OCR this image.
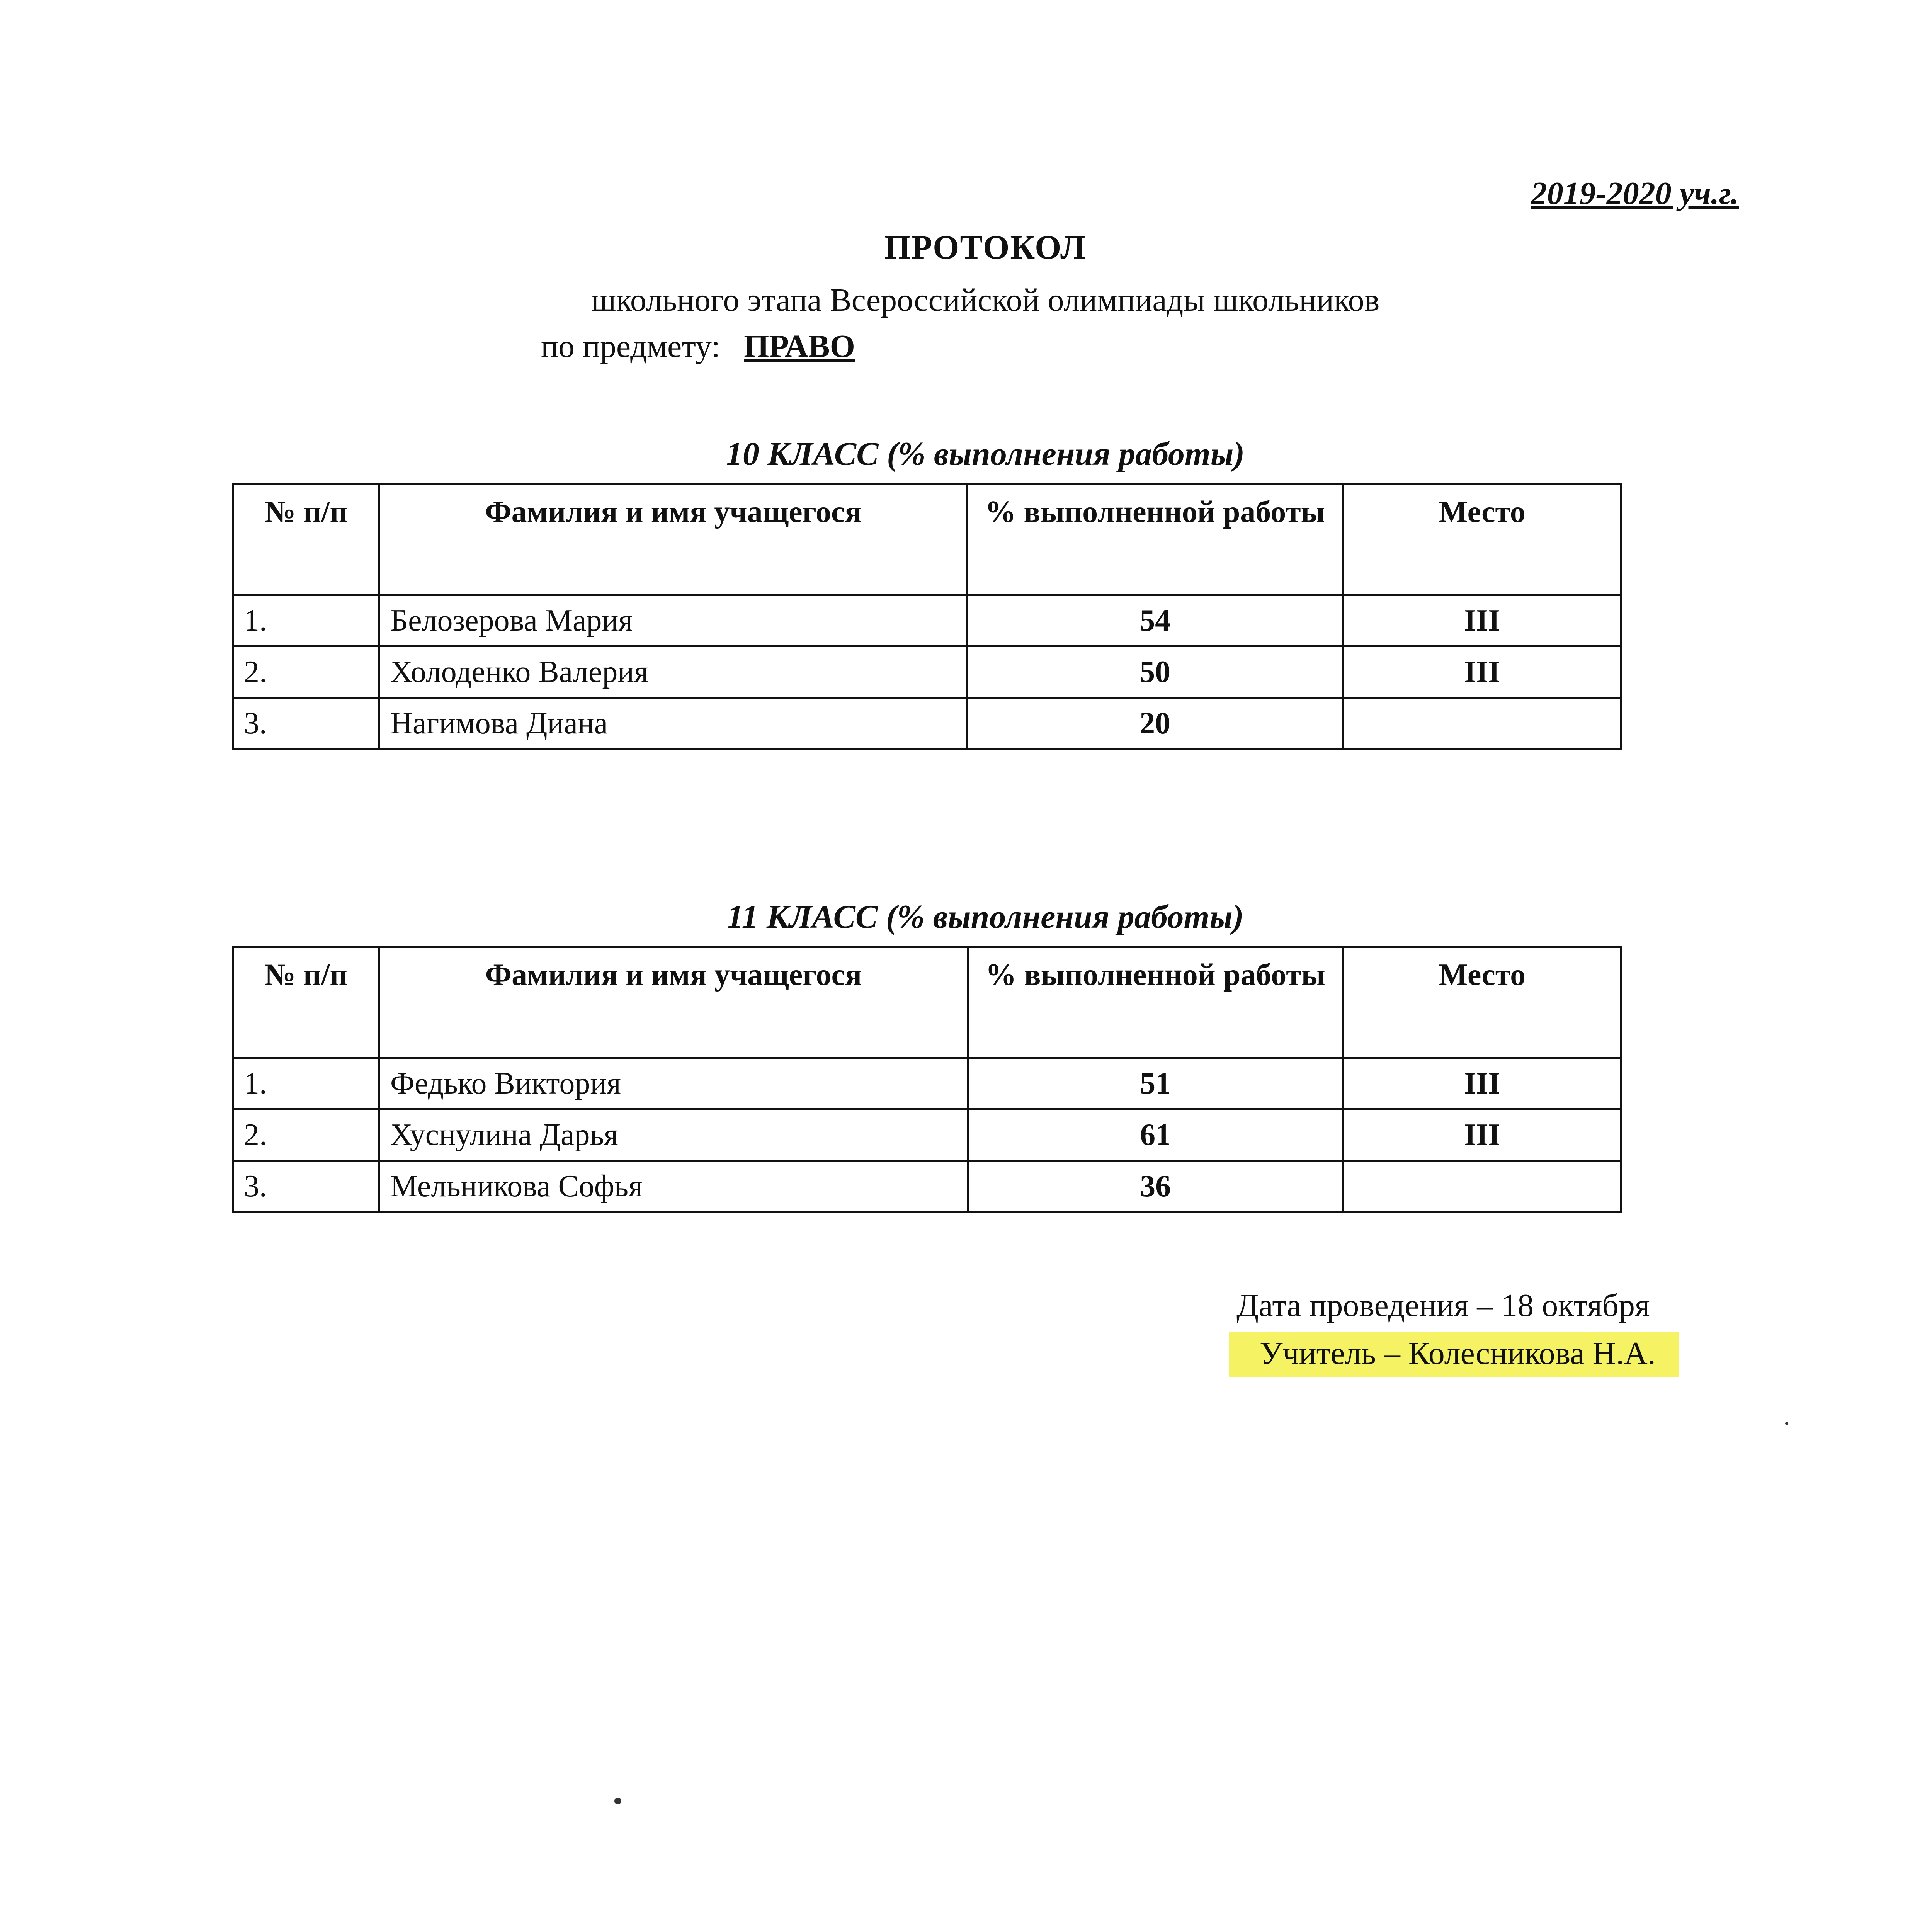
2019-2020 уч.г.
ПРОТОКОЛ
школьного этапа Всероссийской олимпиады школьников
по предмету: ПРАВО
10 КЛАСС (% выполнения работы)
№ п/п	Фамилия и имя учащегося	% выполненной работы	Место
1.	Белозерова Мария	54	III
2.	Холоденко Валерия	50	III
3.	Нагимова Диана	20	
11 КЛАСС (% выполнения работы)
№ п/п	Фамилия и имя учащегося	% выполненной работы	Место
1.	Федько Виктория	51	III
2.	Хуснулина Дарья	61	III
3.	Мельникова Софья	36	
Дата проведения – 18 октября
Учитель – Колесникова Н.А.
